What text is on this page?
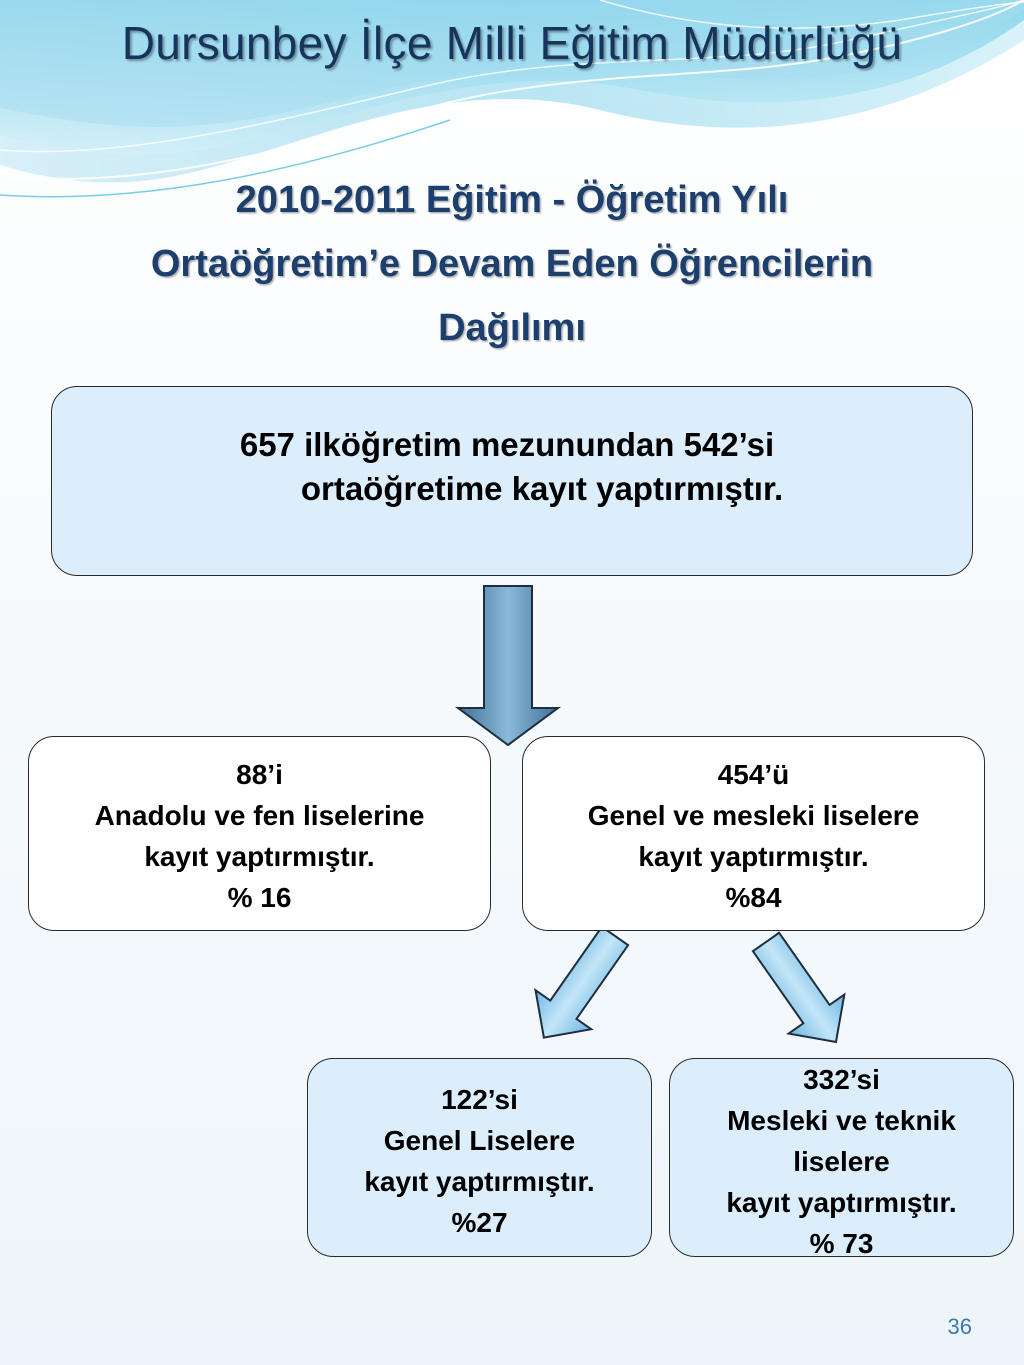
Dursunbey İlçe Milli Eğitim Müdürlüğü
2010-2011 Eğitim - Öğretim Yılı
Ortaöğretim’e Devam Eden Öğrencilerin
Dağılımı
657 ilköğretim mezunundan 542’si
ortaöğretime kayıt yaptırmıştır.
88’i
Anadolu ve fen liselerine
kayıt yaptırmıştır.
% 16
454’ü
Genel ve mesleki liselere
kayıt yaptırmıştır.
%84
122’si
Genel Liselere
kayıt yaptırmıştır.
%27
332’si
Mesleki ve teknik
liselere
kayıt yaptırmıştır.
% 73
36
